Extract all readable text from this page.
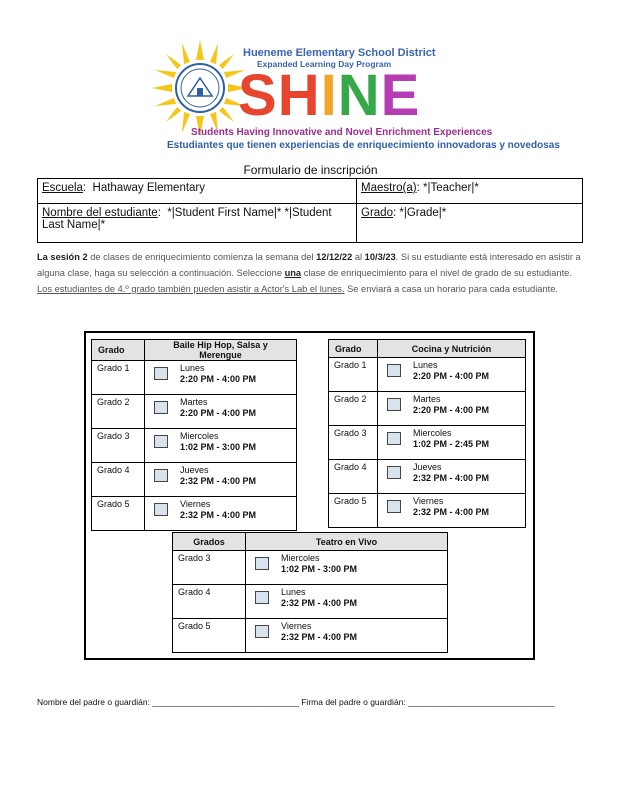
Hueneme Elementary School District
Expanded Learning Day Program
SHINE
Students Having Innovative and Novel Enrichment Experiences
Estudiantes que tienen experiencias de enriquecimiento innovadoras y novedosas
Formulario de inscripción
Escuela:  Hathaway Elementary	Maestro(a): *|Teacher|*
Nombre del estudiante:  *|Student First Name|* *|Student Last Name|*	Grado: *|Grade|*
La sesión 2 de clases de enriquecimiento comienza la semana del 12/12/22 al 10/3/23. Si su estudiante está interesado en asistir a alguna clase, haga su selección a continuación. Seleccione una clase de enriquecimiento para el nivel de grado de su estudiante. Los estudiantes de 4.º grado también pueden asistir a Actor's Lab el lunes. Se enviará a casa un horario para cada estudiante.
Grado	Baile Hip Hop, Salsa y Merengue
Grado 1	Lunes
2:20 PM - 4:00 PM
Grado 2	Martes
2:20 PM - 4:00 PM
Grado 3	Miercoles
1:02 PM - 3:00 PM
Grado 4	Jueves
2:32 PM - 4:00 PM
Grado 5	Viernes
2:32 PM - 4:00 PM
Grado	Cocina y Nutrición
Grado 1	Lunes
2:20 PM - 4:00 PM
Grado 2	Martes
2:20 PM - 4:00 PM
Grado 3	Miercoles
1:02 PM - 2:45 PM
Grado 4	Jueves
2:32 PM - 4:00 PM
Grado 5	Viernes
2:32 PM - 4:00 PM
Grados	Teatro en Vivo
Grado 3	Miercoles
1:02 PM - 3:00 PM
Grado 4	Lunes
2:32 PM - 4:00 PM
Grado 5	Viernes
2:32 PM - 4:00 PM
Nombre del padre o guardián: _______________________________ Firma del padre o guardián: _______________________________
